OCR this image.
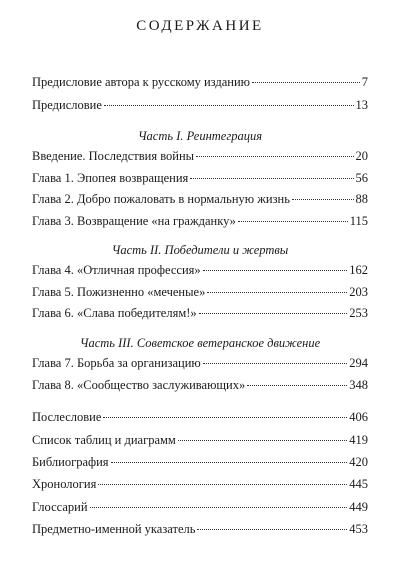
СОДЕРЖАНИЕ
Предисловие автора к русскому изданию	7
Предисловие	13
Часть I. Реинтеграция
Введение. Последствия войны	20
Глава 1. Эпопея возвращения	56
Глава 2. Добро пожаловать в нормальную жизнь	88
Глава 3. Возвращение «на гражданку»	115
Часть II. Победители и жертвы
Глава 4. «Отличная профессия»	162
Глава 5. Пожизненно «меченые»	203
Глава 6. «Слава победителям!»	253
Часть III. Советское ветеранское движение
Глава 7. Борьба за организацию	294
Глава 8. «Сообщество заслуживающих»	348
Послесловие	406
Список таблиц и диаграмм	419
Библиография	420
Хронология	445
Глоссарий	449
Предметно-именной указатель	453
